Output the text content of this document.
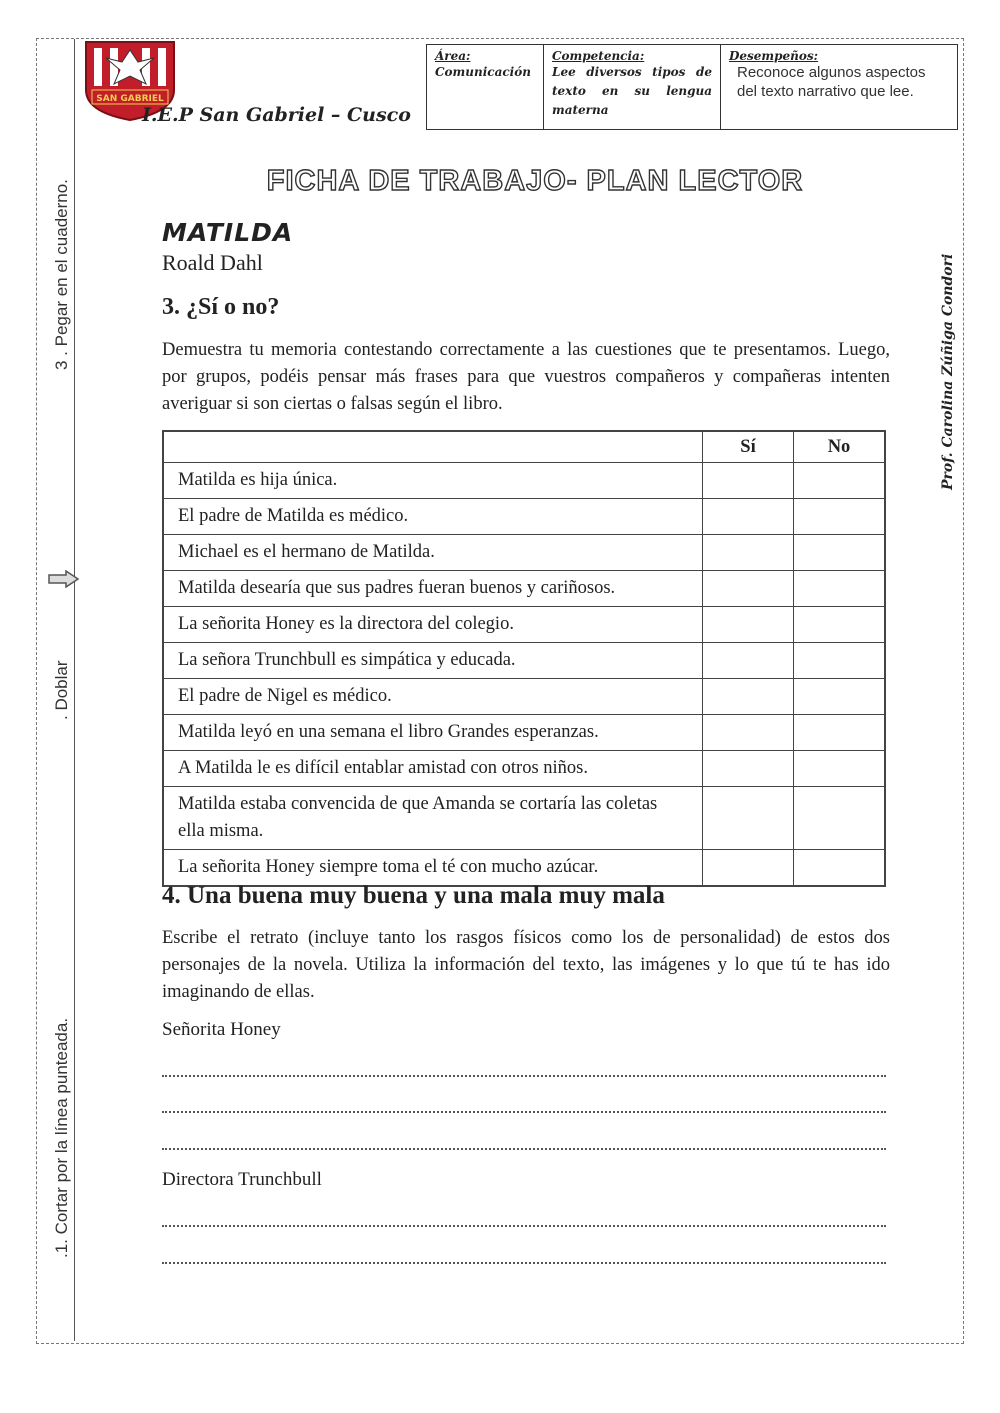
3 . Pegar en el cuaderno.
. Doblar
.1. Cortar por la línea punteada.
SAN GABRIEL
I.E.P San Gabriel – Cusco
Área:
Comunicación	
Competencia:
Lee diversos tipos de texto en su lengua materna	
Desempeños:
Reconoce algunos aspectos del texto narrativo que lee.
FICHA DE TRABAJO- PLAN LECTOR
Prof. Carolina Zúñiga Condori
MATILDA
Roald Dahl
3. ¿Sí o no?
Demuestra tu memoria contestando correctamente a las cuestiones que te presentamos. Luego, por grupos, podéis pensar más frases para que vuestros compañeros y compañeras intenten averiguar si son ciertas o falsas según el libro.
	Sí	No
Matilda es hija única.		
El padre de Matilda es médico.		
Michael es el hermano de Matilda.		
Matilda desearía que sus padres fueran buenos y cariñosos.		
La señorita Honey es la directora del colegio.		
La señora Trunchbull es simpática y educada.		
El padre de Nigel es médico.		
Matilda leyó en una semana el libro Grandes esperanzas.		
A Matilda le es difícil entablar amistad con otros niños.		
Matilda estaba convencida de que Amanda se cortaría las coletas ella misma.		
La señorita Honey siempre toma el té con mucho azúcar.		
4. Una buena muy buena y una mala muy mala
Escribe el retrato (incluye tanto los rasgos físicos como los de personalidad) de estos dos personajes de la novela. Utiliza la información del texto, las imágenes y lo que tú te has ido imaginando de ellas.
Señorita Honey
Directora Trunchbull
